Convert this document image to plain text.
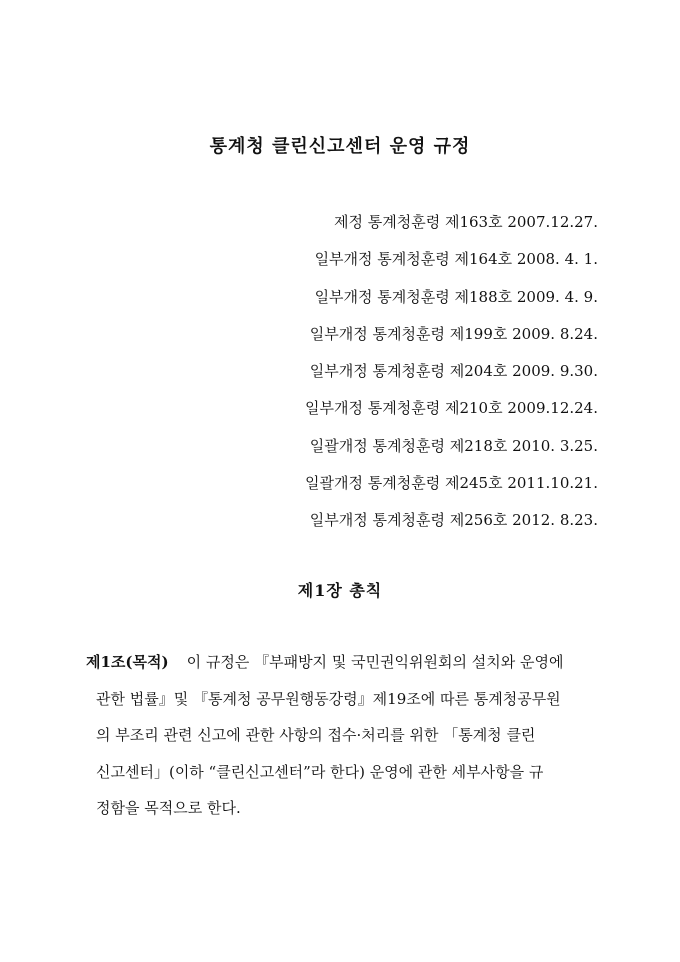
통계청 클린신고센터 운영 규정
제정 통계청훈령 제163호 2007.12.27.
일부개정 통계청훈령 제164호 2008. 4. 1.
일부개정 통계청훈령 제188호 2009. 4. 9.
일부개정 통계청훈령 제199호 2009. 8.24.
일부개정 통계청훈령 제204호 2009. 9.30.
일부개정 통계청훈령 제210호 2009.12.24.
일괄개정 통계청훈령 제218호 2010. 3.25.
일괄개정 통계청훈령 제245호 2011.10.21.
일부개정 통계청훈령 제256호 2012. 8.23.
제1장 총칙
제1조(목적) 이 규정은 『부패방지 및 국민권익위원회의 설치와 운영에
관한 법률』및 『통계청 공무원행동강령』제19조에 따른 통계청공무원
의 부조리 관련 신고에 관한 사항의 접수·처리를 위한 「통계청 클린
신고센터」(이하 “클린신고센터”라 한다) 운영에 관한 세부사항을 규
정함을 목적으로 한다.
